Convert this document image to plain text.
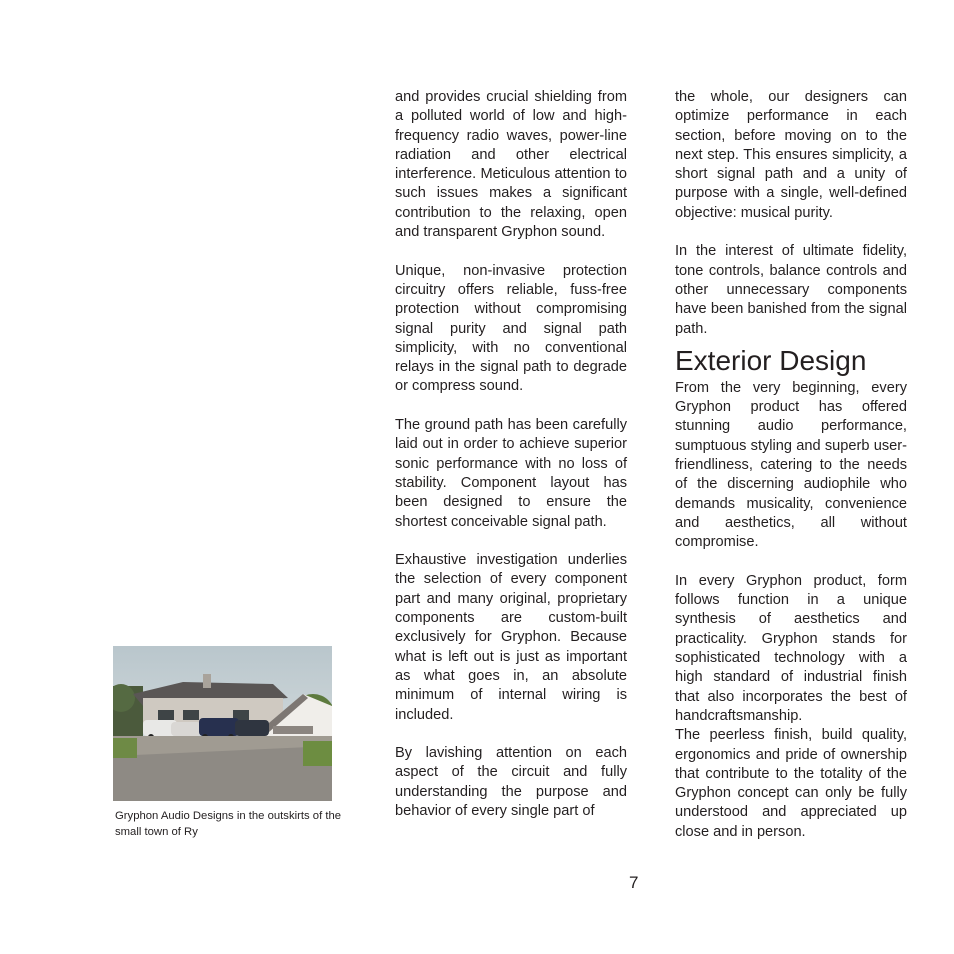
and provides crucial shielding from a polluted world of low and high-frequency radio waves, power-line radiation and other electrical interference. Meticulous attention to such issues makes a significant contribution to the relaxing, open and transparent Gryphon sound.

Unique, non-invasive protection circuitry offers reliable, fuss-free protection without compromising signal purity and signal path simplicity, with no conventional relays in the signal path to degrade or compress sound.

The ground path has been carefully laid out in order to achieve superior sonic performance with no loss of stability. Component layout has been designed to ensure the shortest conceivable signal path.

Exhaustive investigation underlies the selection of every component part and many original, proprietary components are custom-built exclusively for Gryphon. Because what is left out is just as important as what goes in, an absolute minimum of internal wiring is included.

By lavishing attention on each aspect of the circuit and fully understanding the purpose and behavior of every single part of

the whole, our designers can optimize performance in each section, before moving on to the next step. This ensures simplicity, a short signal path and a unity of purpose with a single, well-defined objective: musical purity.

In the interest of ultimate fidelity, tone controls, balance controls and other unnecessary components have been banished from the signal path.

Exterior Design

From the very beginning, every Gryphon product has offered stunning audio performance, sumptuous styling and superb user-friendliness, catering to the needs of the discerning audiophile who demands musicality, convenience and aesthetics, all without compromise.

In every Gryphon product, form follows function in a unique synthesis of aesthetics and practicality. Gryphon stands for sophisticated technology with a high standard of industrial finish that also incorporates the best of handcraftsmanship.

The peerless finish, build quality, ergonomics and pride of ownership that contribute to the totality of the Gryphon concept can only be fully understood and appreciated up close and in person.

Gryphon Audio Designs in the outskirts of the small town of Ry
7
